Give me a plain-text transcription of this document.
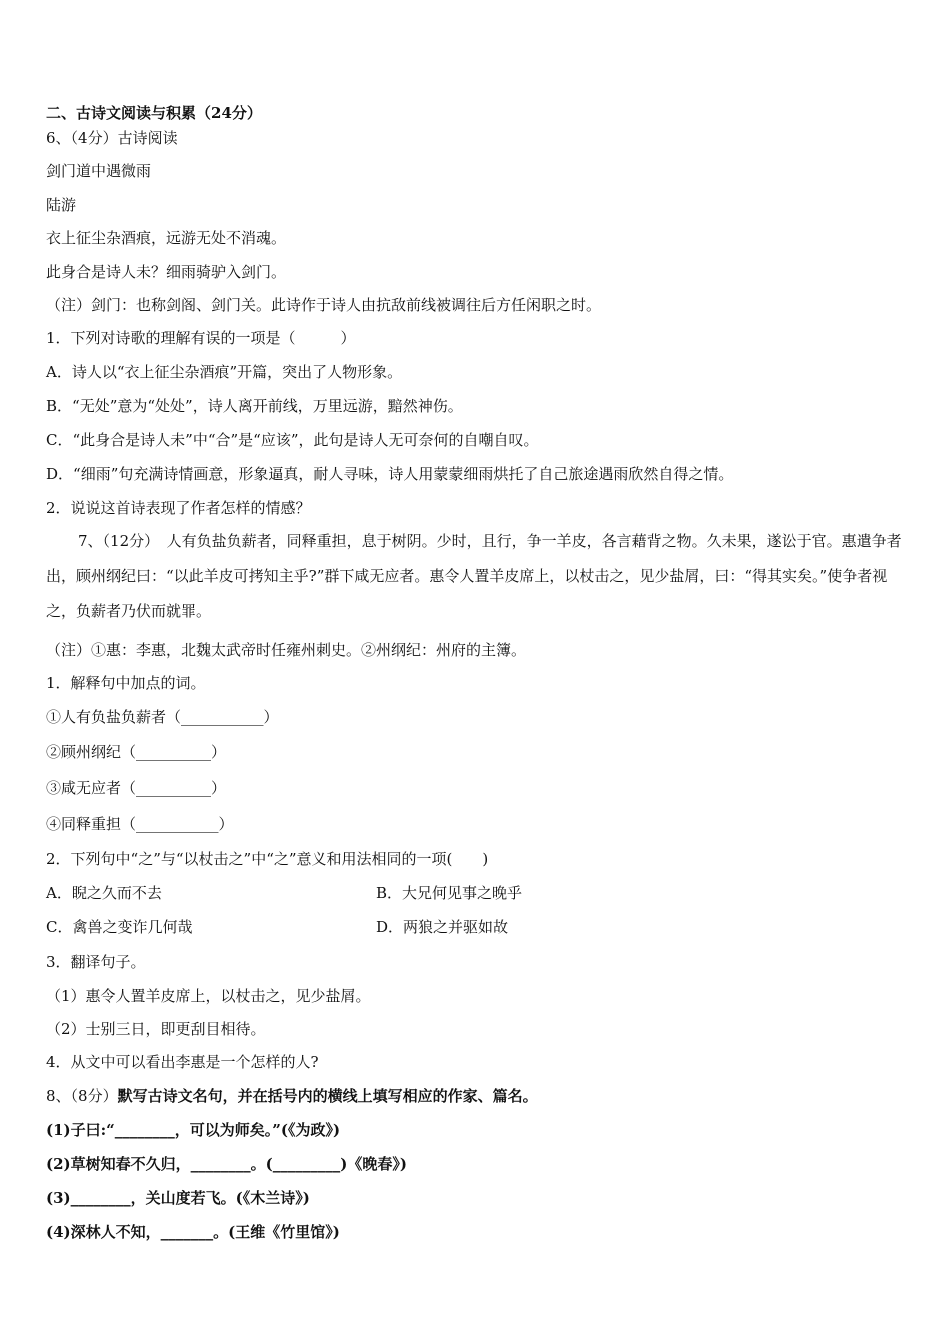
二、古诗文阅读与积累（24分）
6、（4分）古诗阅读
剑门道中遇微雨
陆游
衣上征尘杂酒痕，远游无处不消魂。
此身合是诗人未？细雨骑驴入剑门。
（注）剑门：也称剑阁、剑门关。此诗作于诗人由抗敌前线被调往后方任闲职之时。
1．下列对诗歌的理解有误的一项是（　　　）
A．诗人以“衣上征尘杂酒痕”开篇，突出了人物形象。
B．“无处”意为“处处”，诗人离开前线，万里远游，黯然神伤。
C．“此身合是诗人未”中“合”是“应该”，此句是诗人无可奈何的自嘲自叹。
D．“细雨”句充满诗情画意，形象逼真，耐人寻味，诗人用蒙蒙细雨烘托了自己旅途遇雨欣然自得之情。
2．说说这首诗表现了作者怎样的情感？
7、（12分）　人有负盐负薪者，同释重担，息于树阴。少时，且行，争一羊皮，各言藉背之物。久未果，遂讼于官。惠遣争者出，顾州纲纪曰：“以此羊皮可拷知主乎?”群下咸无应者。惠令人置羊皮席上，以杖击之，见少盐屑，曰：“得其实矣。”使争者视之，负薪者乃伏而就罪。
（注）①惠：李惠，北魏太武帝时任雍州刺史。②州纲纪：州府的主簿。
1．解释句中加点的词。
①人有负盐负薪者（___________）
②顾州纲纪（__________）
③咸无应者（__________）
④同释重担（___________）
2．下列句中“之”与“以杖击之”中“之”意义和用法相同的一项(　　)
A．睨之久而不去	B．大兄何见事之晚乎
C．禽兽之变诈几何哉	D．两狼之并驱如故
3．翻译句子。
（1）惠令人置羊皮席上，以杖击之，见少盐屑。
（2）士别三日，即更刮目相待。
4．从文中可以看出李惠是一个怎样的人?
8、（8分）默写古诗文名句，并在括号内的横线上填写相应的作家、篇名。
(1)子曰:“________，可以为师矣。”(《为政》)
(2)草树知春不久归，________。(_________)《晚春》)
(3)________，关山度若飞。(《木兰诗》)
(4)深林人不知，_______。(王维《竹里馆》)
